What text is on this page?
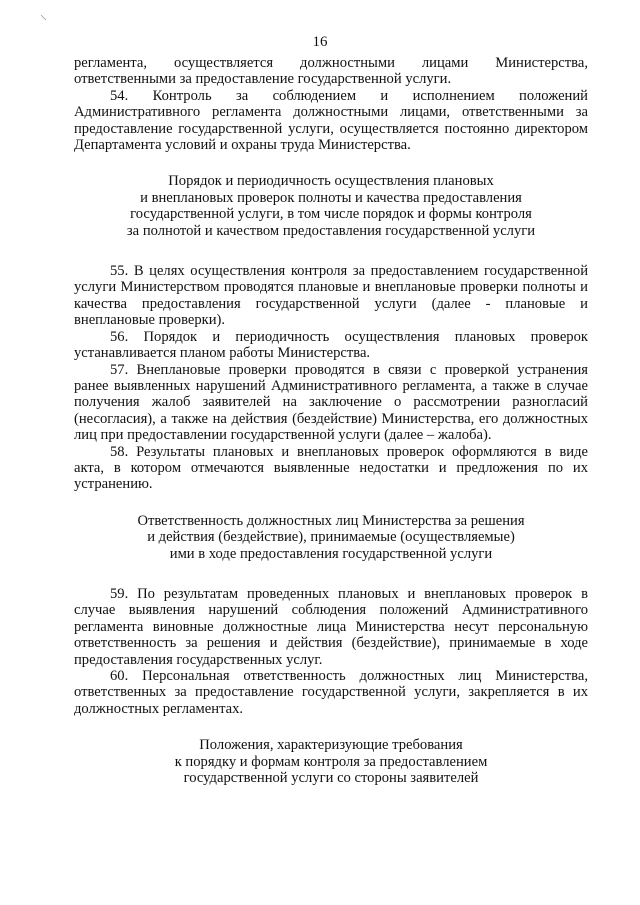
16

регламента, осуществляется должностными лицами Министерства, ответственными за предоставление государственной услуги.

54. Контроль за соблюдением и исполнением положений Административного регламента должностными лицами, ответственными за предоставление государственной услуги, осуществляется постоянно директором Департамента условий и охраны труда Министерства.

Порядок и периодичность осуществления плановых
и внеплановых проверок полноты и качества предоставления
государственной услуги, в том числе порядок и формы контроля
за полнотой и качеством предоставления государственной услуги

55. В целях осуществления контроля за предоставлением государственной услуги Министерством проводятся плановые и внеплановые проверки полноты и качества предоставления государственной услуги (далее - плановые и внеплановые проверки).

56. Порядок и периодичность осуществления плановых проверок устанавливается планом работы Министерства.

57. Внеплановые проверки проводятся в связи с проверкой устранения ранее выявленных нарушений Административного регламента, а также в случае получения жалоб заявителей на заключение о рассмотрении разногласий (несогласия), а также на действия (бездействие) Министерства, его должностных лиц при предоставлении государственной услуги (далее – жалоба).

58. Результаты плановых и внеплановых проверок оформляются в виде акта, в котором отмечаются выявленные недостатки и предложения по их устранению.

Ответственность должностных лиц Министерства за решения
и действия (бездействие), принимаемые (осуществляемые)
ими в ходе предоставления государственной услуги

59. По результатам проведенных плановых и внеплановых проверок в случае выявления нарушений соблюдения положений Административного регламента виновные должностные лица Министерства несут персональную ответственность за решения и действия (бездействие), принимаемые в ходе предоставления государственных услуг.

60. Персональная ответственность должностных лиц Министерства, ответственных за предоставление государственной услуги, закрепляется в их должностных регламентах.

Положения, характеризующие требования
к порядку и формам контроля за предоставлением
государственной услуги со стороны заявителей
